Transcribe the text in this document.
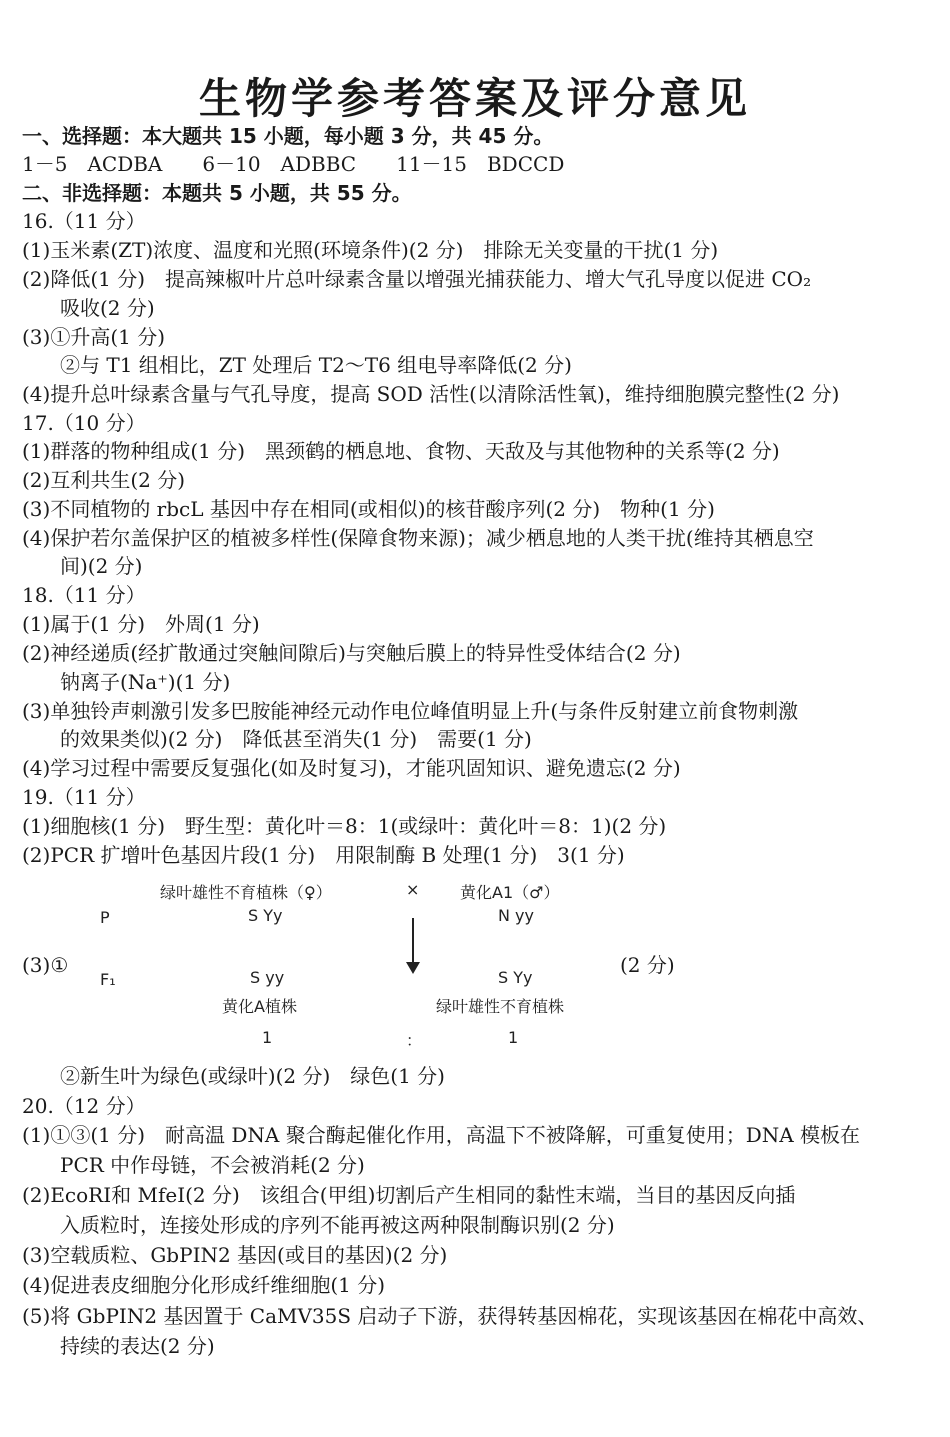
生物学参考答案及评分意见
一、选择题：本大题共 15 小题，每小题 3 分，共 45 分。
1－5　ACDBA　　6－10　ADBBC　　11－15　BDCCD
二、非选择题：本题共 5 小题，共 55 分。
16.（11 分）
(1)玉米素(ZT)浓度、温度和光照(环境条件)(2 分)　排除无关变量的干扰(1 分)
(2)降低(1 分)　提高辣椒叶片总叶绿素含量以增强光捕获能力、增大气孔导度以促进 CO₂
吸收(2 分)
(3)①升高(1 分)
②与 T1 组相比，ZT 处理后 T2～T6 组电导率降低(2 分)
(4)提升总叶绿素含量与气孔导度，提高 SOD 活性(以清除活性氧)，维持细胞膜完整性(2 分)
17.（10 分）
(1)群落的物种组成(1 分)　黑颈鹤的栖息地、食物、天敌及与其他物种的关系等(2 分)
(2)互利共生(2 分)
(3)不同植物的 rbcL 基因中存在相同(或相似)的核苷酸序列(2 分)　物种(1 分)
(4)保护若尔盖保护区的植被多样性(保障食物来源)；减少栖息地的人类干扰(维持其栖息空
间)(2 分)
18.（11 分）
(1)属于(1 分)　外周(1 分)
(2)神经递质(经扩散通过突触间隙后)与突触后膜上的特异性受体结合(2 分)
钠离子(Na⁺)(1 分)
(3)单独铃声刺激引发多巴胺能神经元动作电位峰值明显上升(与条件反射建立前食物刺激
的效果类似)(2 分)　降低甚至消失(1 分)　需要(1 分)
(4)学习过程中需要反复强化(如及时复习)，才能巩固知识、避免遗忘(2 分)
19.（11 分）
(1)细胞核(1 分)　野生型：黄化叶＝8：1(或绿叶：黄化叶＝8：1)(2 分)
(2)PCR 扩增叶色基因片段(1 分)　用限制酶 B 处理(1 分)　3(1 分)
(3)①	(2 分)
绿叶雄性不育植株（♀）	×	黄化A1（♂）
P	S Yy	N yy
F₁	S yy	S Yy
黄化A植株	绿叶雄性不育植株
1	：	1
②新生叶为绿色(或绿叶)(2 分)　绿色(1 分)
20.（12 分）
(1)①③(1 分)　耐高温 DNA 聚合酶起催化作用，高温下不被降解，可重复使用；DNA 模板在
PCR 中作母链，不会被消耗(2 分)
(2)EcoRⅠ和 MfeⅠ(2 分)　该组合(甲组)切割后产生相同的黏性末端，当目的基因反向插
入质粒时，连接处形成的序列不能再被这两种限制酶识别(2 分)
(3)空载质粒、GbPIN2 基因(或目的基因)(2 分)
(4)促进表皮细胞分化形成纤维细胞(1 分)
(5)将 GbPIN2 基因置于 CaMV35S 启动子下游，获得转基因棉花，实现该基因在棉花中高效、
持续的表达(2 分)
